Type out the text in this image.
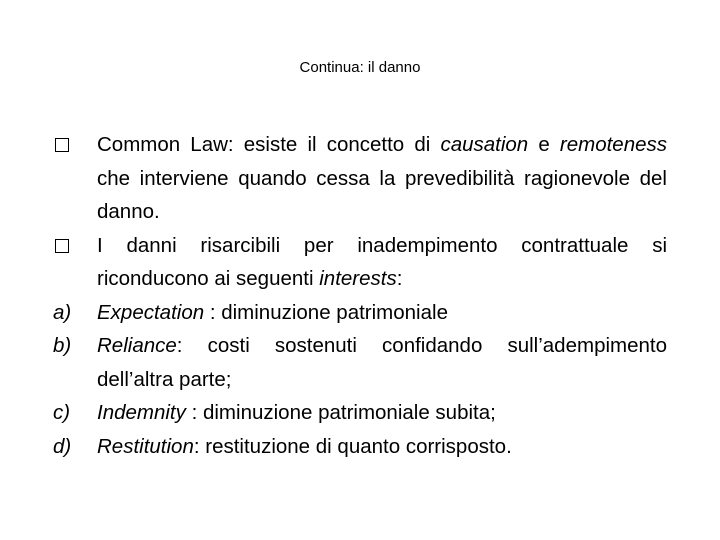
Continua: il danno
Common Law: esiste il concetto di causation e remoteness che interviene quando cessa la prevedibilità ragionevole del danno.
I danni risarcibili per inadempimento contrattuale si riconducono ai seguenti interests:
a) Expectation : diminuzione patrimoniale
b) Reliance: costi sostenuti confidando sull’adempimento dell’altra parte;
c) Indemnity : diminuzione patrimoniale subita;
d) Restitution: restituzione di quanto corrisposto.
